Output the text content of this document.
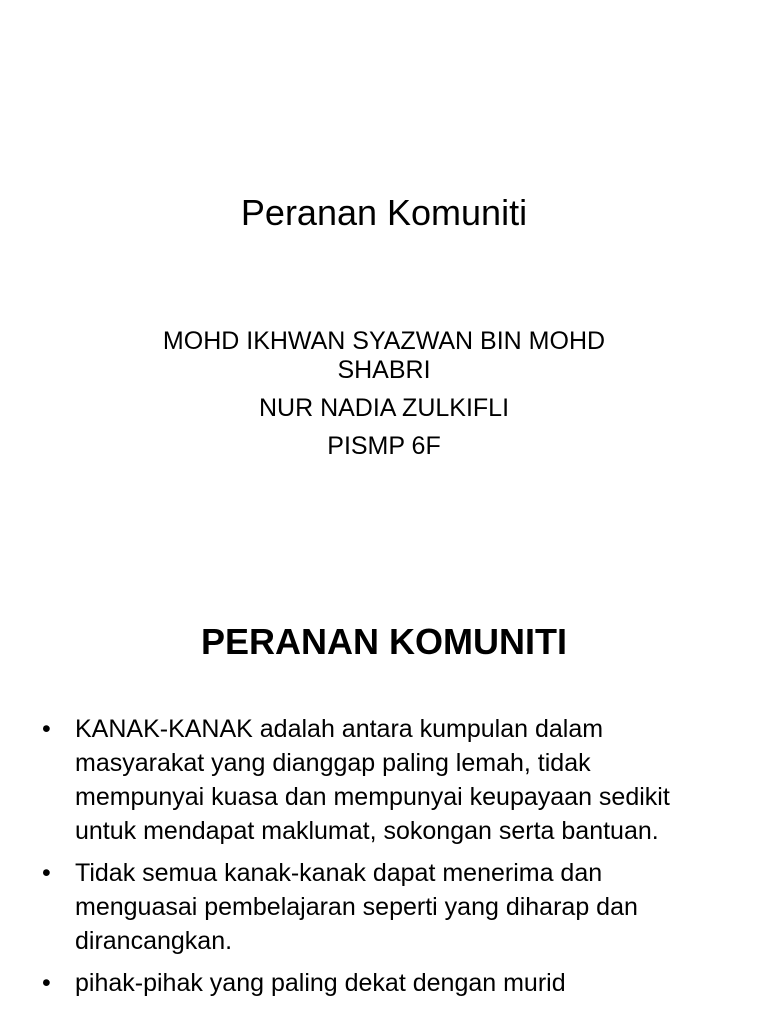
Peranan Komuniti
MOHD IKHWAN SYAZWAN BIN MOHD
SHABRI
NUR NADIA ZULKIFLI
PISMP 6F
PERANAN KOMUNITI
• KANAK-KANAK adalah antara kumpulan dalam masyarakat yang dianggap paling lemah, tidak mempunyai kuasa dan mempunyai keupayaan sedikit untuk mendapat maklumat, sokongan serta bantuan.
• Tidak semua kanak-kanak dapat menerima dan menguasai pembelajaran seperti yang diharap dan dirancangkan.
• pihak-pihak yang paling dekat dengan murid
